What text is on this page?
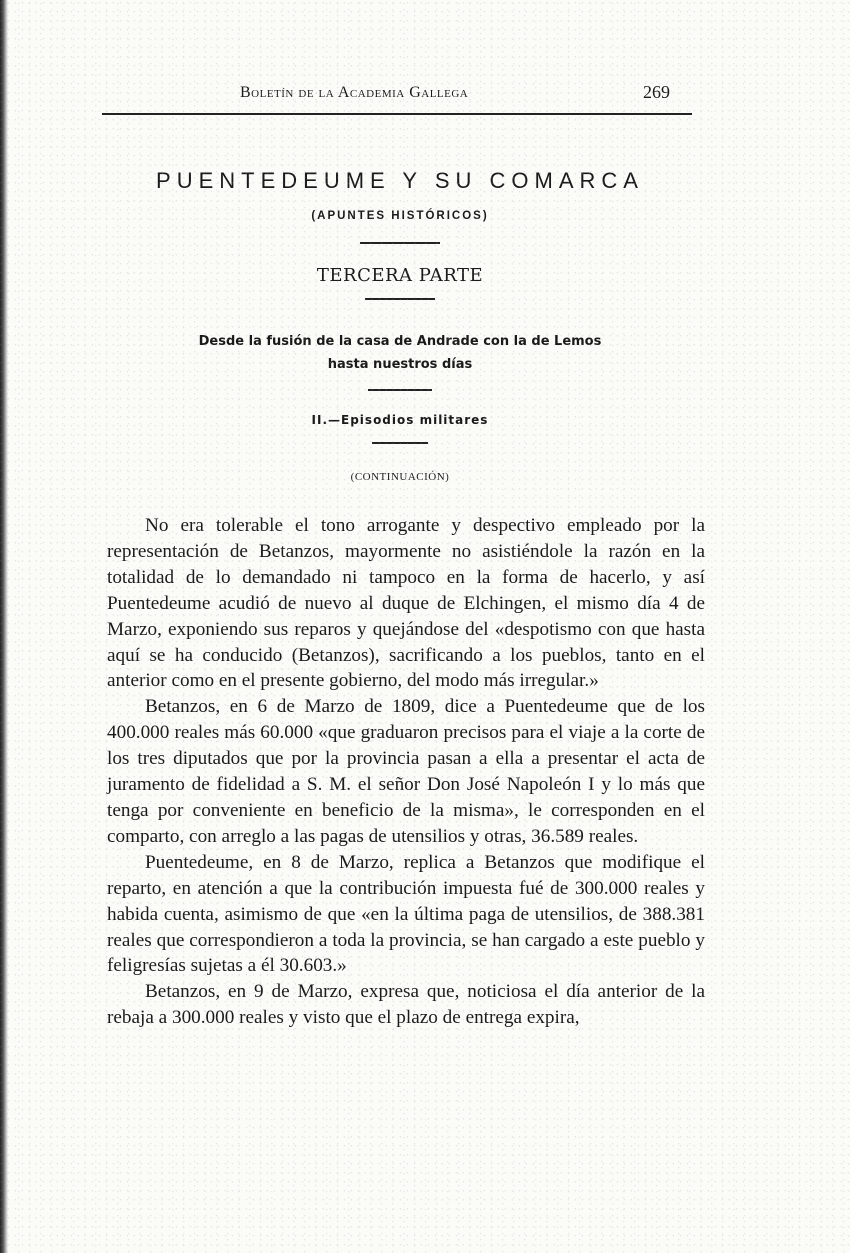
Boletín de la Academia Gallega	269
PUENTEDEUME Y SU COMARCA
(APUNTES HISTÓRICOS)
TERCERA PARTE
Desde la fusión de la casa de Andrade con la de Lemos
hasta nuestros días
II.—Episodios militares
(CONTINUACIÓN)

No era tolerable el tono arrogante y despectivo empleado por la representación de Betanzos, mayormente no asistiéndole la razón en la totalidad de lo demandado ni tampoco en la forma de hacerlo, y así Puentedeume acudió de nuevo al duque de Elchingen, el mismo día 4 de Marzo, exponiendo sus reparos y quejándose del «despotismo con que hasta aquí se ha conducido (Betanzos), sacrificando a los pueblos, tanto en el anterior como en el presente gobierno, del modo más irregular.»

Betanzos, en 6 de Marzo de 1809, dice a Puentedeume que de los 400.000 reales más 60.000 «que graduaron precisos para el viaje a la corte de los tres diputados que por la provincia pasan a ella a presentar el acta de juramento de fidelidad a S. M. el señor Don José Napoleón I y lo más que tenga por conveniente en beneficio de la misma», le corresponden en el comparto, con arreglo a las pagas de utensilios y otras, 36.589 reales.

Puentedeume, en 8 de Marzo, replica a Betanzos que modifique el reparto, en atención a que la contribución impuesta fué de 300.000 reales y habida cuenta, asimismo de que «en la última paga de utensilios, de 388.381 reales que correspondieron a toda la provincia, se han cargado a este pueblo y feligresías sujetas a él 30.603.»

Betanzos, en 9 de Marzo, expresa que, noticiosa el día anterior de la rebaja a 300.000 reales y visto que el plazo de entrega expira,
